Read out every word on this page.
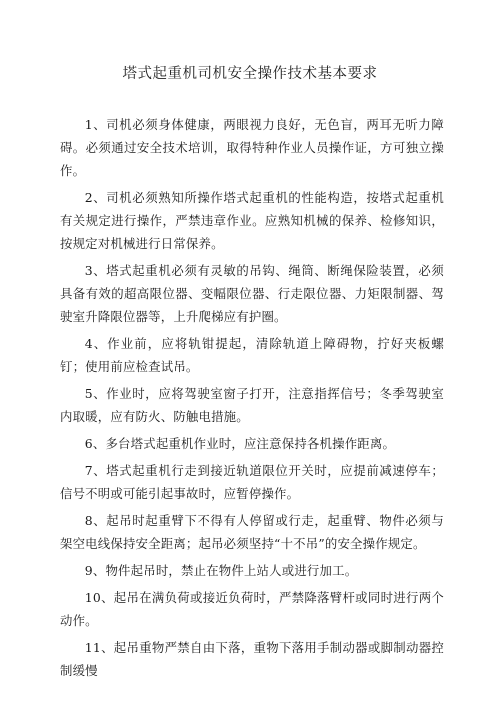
塔式起重机司机安全操作技术基本要求

1、司机必须身体健康，两眼视力良好，无色盲，两耳无听力障碍。必须通过安全技术培训，取得特种作业人员操作证，方可独立操作。

2、司机必须熟知所操作塔式起重机的性能构造，按塔式起重机有关规定进行操作，严禁违章作业。应熟知机械的保养、检修知识，按规定对机械进行日常保养。

3、塔式起重机必须有灵敏的吊钩、绳筒、断绳保险装置，必须具备有效的超高限位器、变幅限位器、行走限位器、力矩限制器、驾驶室升降限位器等，上升爬梯应有护圈。

4、作业前，应将轨钳提起，清除轨道上障碍物，拧好夹板螺钉；使用前应检查试吊。

5、作业时，应将驾驶室窗子打开，注意指挥信号；冬季驾驶室内取暖，应有防火、防触电措施。

6、多台塔式起重机作业时，应注意保持各机操作距离。

7、塔式起重机行走到接近轨道限位开关时，应提前减速停车；信号不明或可能引起事故时，应暂停操作。

8、起吊时起重臂下不得有人停留或行走，起重臂、物件必须与架空电线保持安全距离；起吊必须坚持“十不吊”的安全操作规定。

9、物件起吊时，禁止在物件上站人或进行加工。

10、起吊在满负荷或接近负荷时，严禁降落臂杆或同时进行两个动作。

11、起吊重物严禁自由下落，重物下落用手制动器或脚制动器控制缓慢
